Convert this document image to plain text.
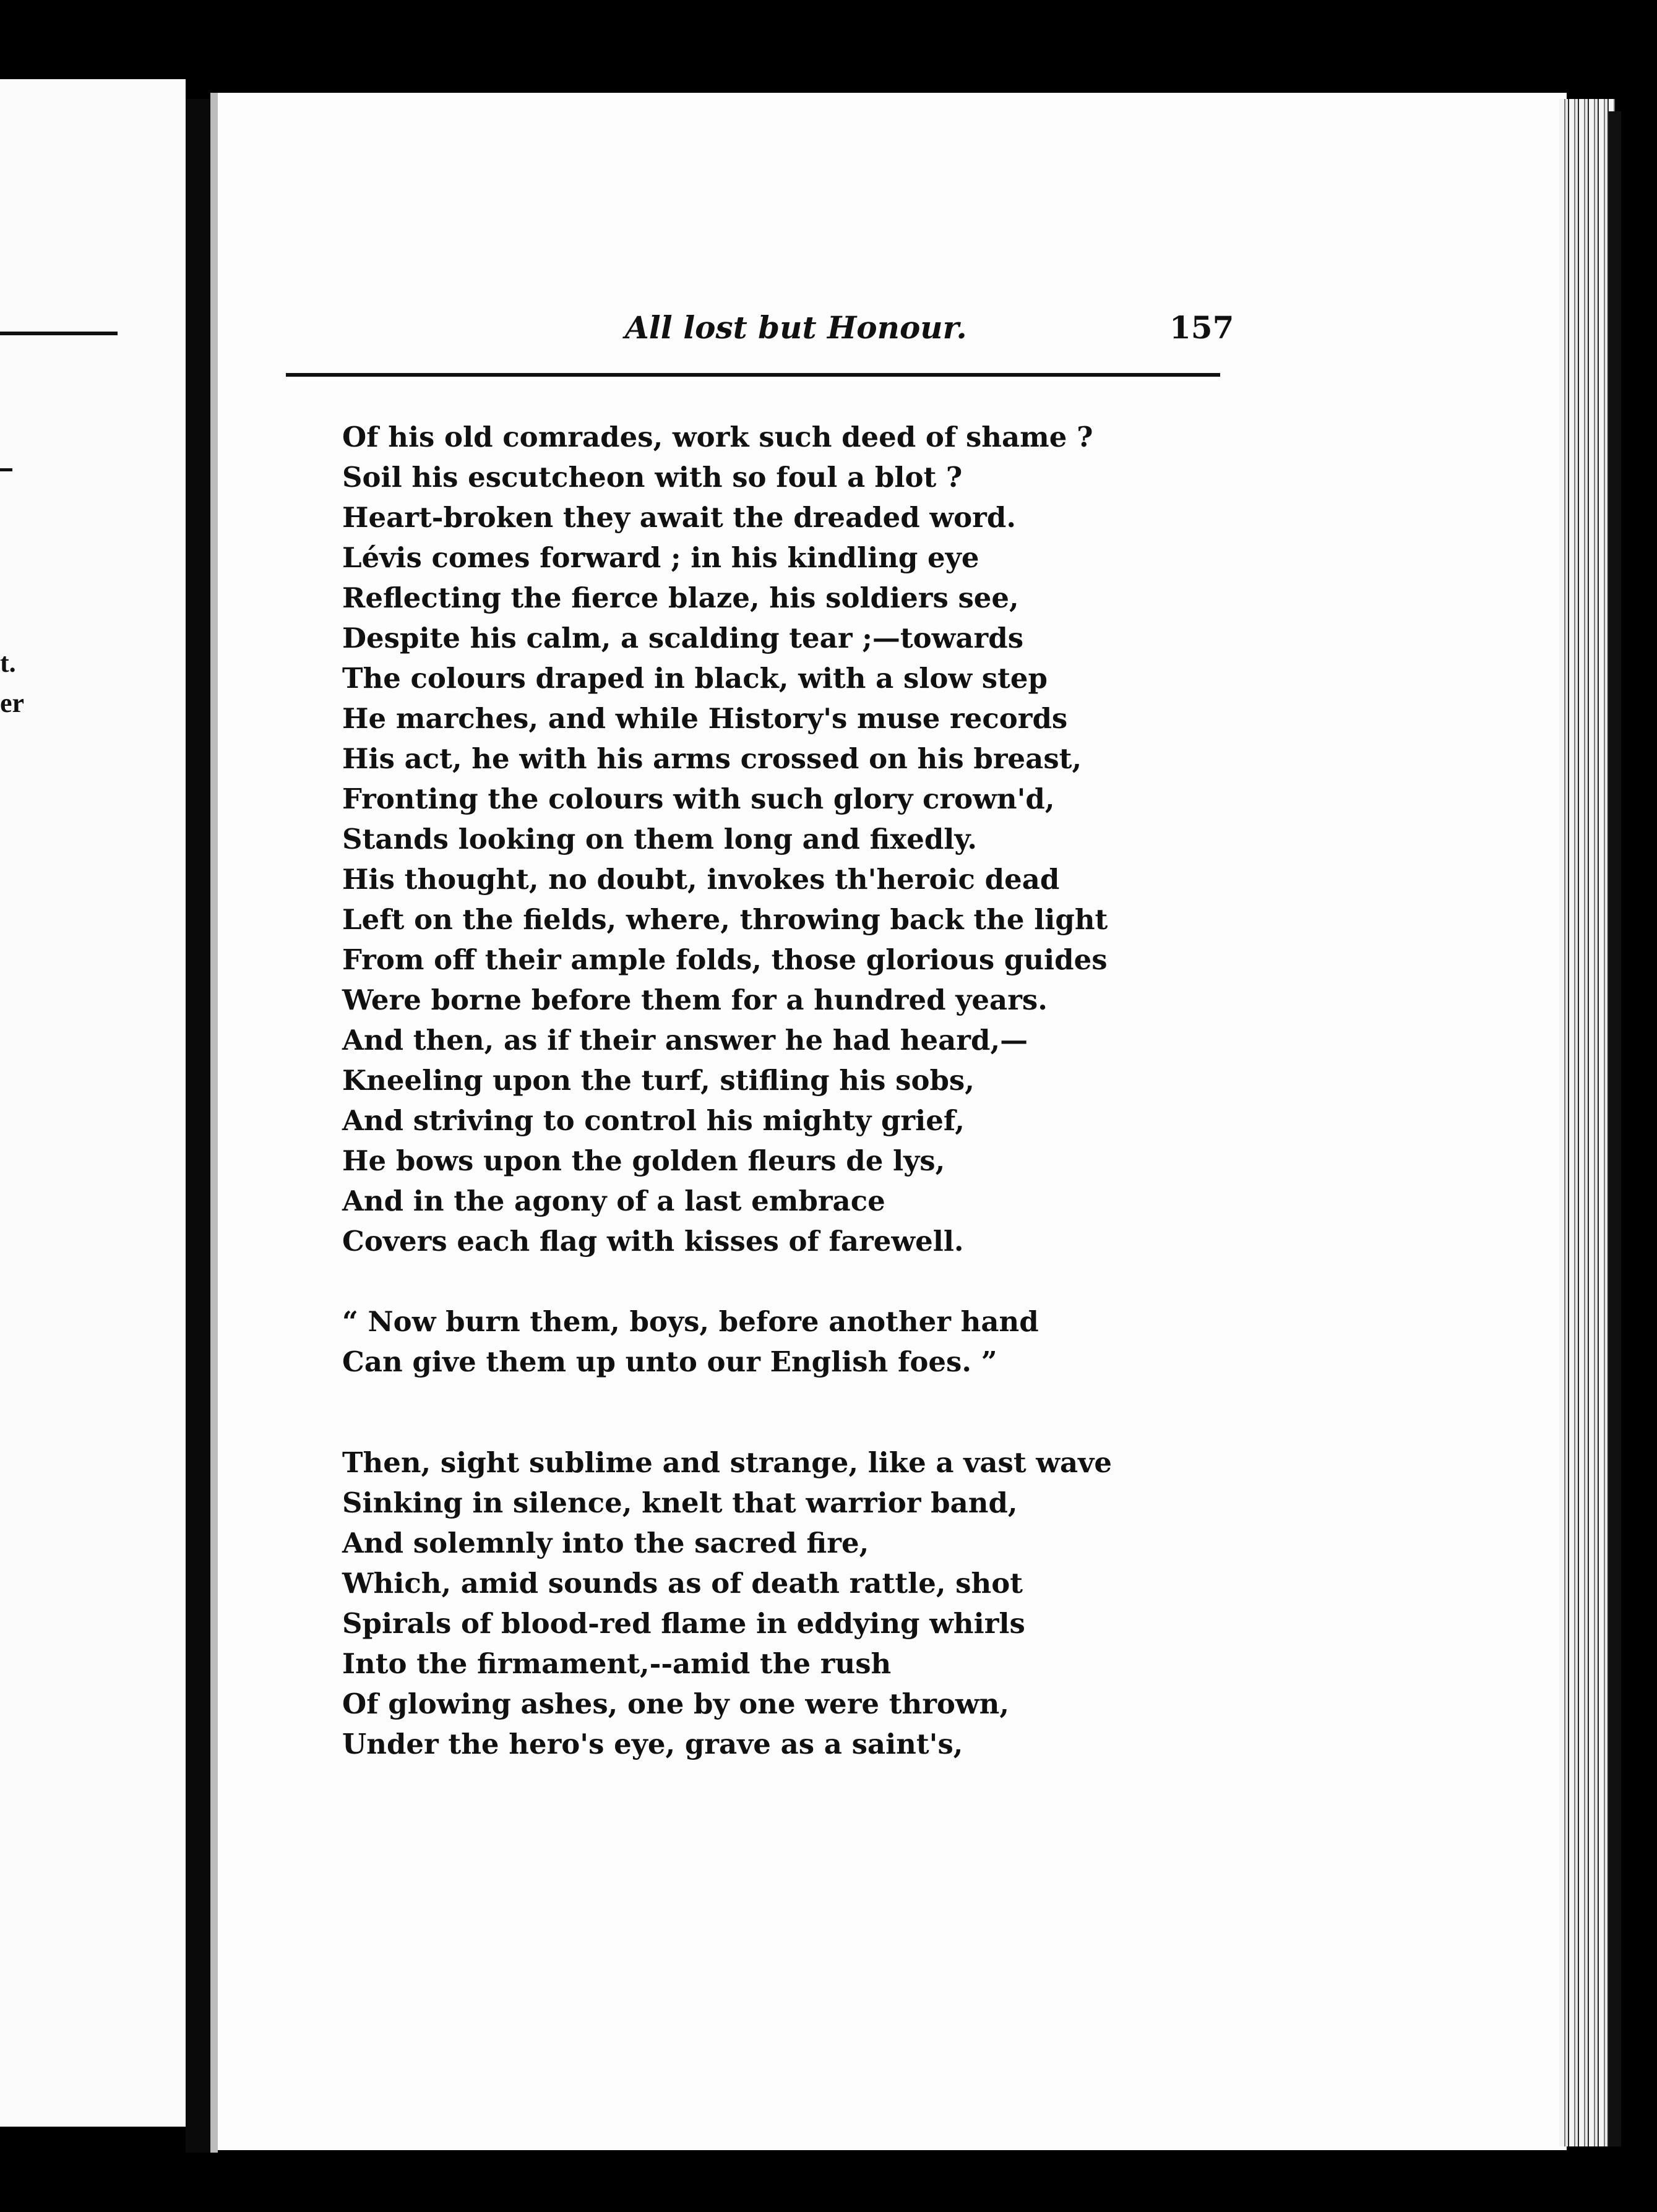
t.
er
All lost but Honour.	157
Of his old comrades, work such deed of shame ?
Soil his escutcheon with so foul a blot ?
Heart-broken they await the dreaded word.
Lévis comes forward ; in his kindling eye
Reflecting the fierce blaze, his soldiers see,
Despite his calm, a scalding tear ;—towards
The colours draped in black, with a slow step
He marches, and while History's muse records
His act, he with his arms crossed on his breast,
Fronting the colours with such glory crown'd,
Stands looking on them long and fixedly.
His thought, no doubt, invokes th'heroic dead
Left on the fields, where, throwing back the light
From off their ample folds, those glorious guides
Were borne before them for a hundred years.
And then, as if their answer he had heard,—
Kneeling upon the turf, stifling his sobs,
And striving to control his mighty grief,
He bows upon the golden fleurs de lys,
And in the agony of a last embrace
Covers each flag with kisses of farewell.
“ Now burn them, boys, before another hand
Can give them up unto our English foes. ”
Then, sight sublime and strange, like a vast wave
Sinking in silence, knelt that warrior band,
And solemnly into the sacred fire,
Which, amid sounds as of death rattle, shot
Spirals of blood-red flame in eddying whirls
Into the firmament,--amid the rush
Of glowing ashes, one by one were thrown,
Under the hero's eye, grave as a saint's,
